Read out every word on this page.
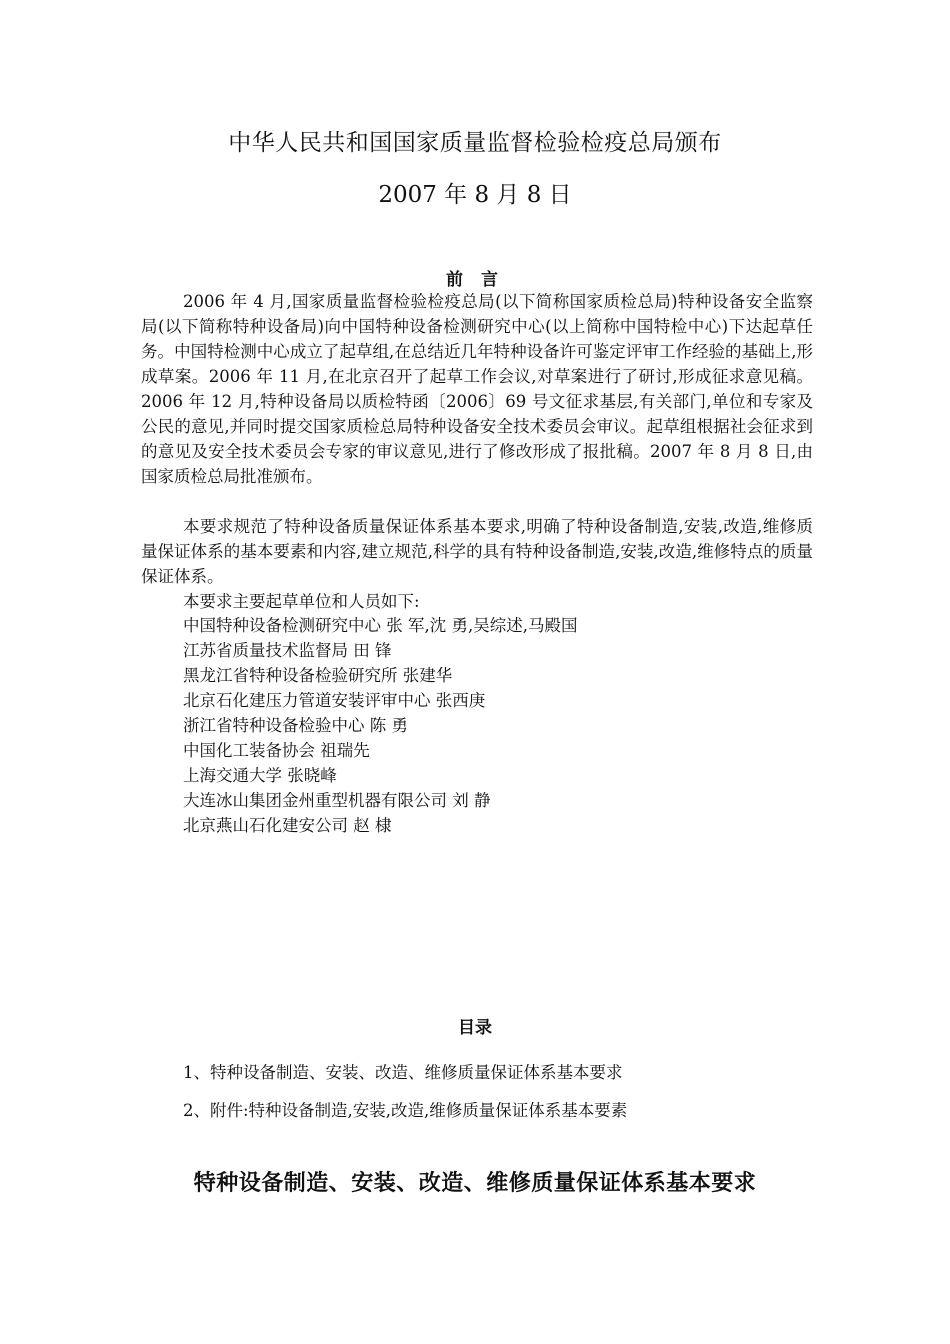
中华人民共和国国家质量监督检验检疫总局颁布
2007 年 8 月 8 日
前 言

2006 年 4 月,国家质量监督检验检疫总局(以下简称国家质检总局)特种设备安全监察局(以下简称特种设备局)向中国特种设备检测研究中心(以上简称中国特检中心)下达起草任务。中国特检测中心成立了起草组,在总结近几年特种设备许可鉴定评审工作经验的基础上,形成草案。2006 年 11 月,在北京召开了起草工作会议,对草案进行了研讨,形成征求意见稿。2006 年 12 月,特种设备局以质检特函〔2006〕69 号文征求基层,有关部门,单位和专家及公民的意见,并同时提交国家质检总局特种设备安全技术委员会审议。起草组根据社会征求到的意见及安全技术委员会专家的审议意见,进行了修改形成了报批稿。2007 年 8 月 8 日,由国家质检总局批准颁布。

本要求规范了特种设备质量保证体系基本要求,明确了特种设备制造,安装,改造,维修质量保证体系的基本要素和内容,建立规范,科学的具有特种设备制造,安装,改造,维修特点的质量保证体系。

本要求主要起草单位和人员如下:

中国特种设备检测研究中心 张 军,沈 勇,吴综述,马殿国
江苏省质量技术监督局 田 锋
黑龙江省特种设备检验研究所 张建华
北京石化建压力管道安装评审中心 张西庚
浙江省特种设备检验中心 陈 勇
中国化工装备协会 祖瑞先
上海交通大学 张晓峰
大连冰山集团金州重型机器有限公司 刘 静
北京燕山石化建安公司 赵 棣
目录
1、特种设备制造、安装、改造、维修质量保证体系基本要求
2、附件:特种设备制造,安装,改造,维修质量保证体系基本要素
特种设备制造、安装、改造、维修质量保证体系基本要求
